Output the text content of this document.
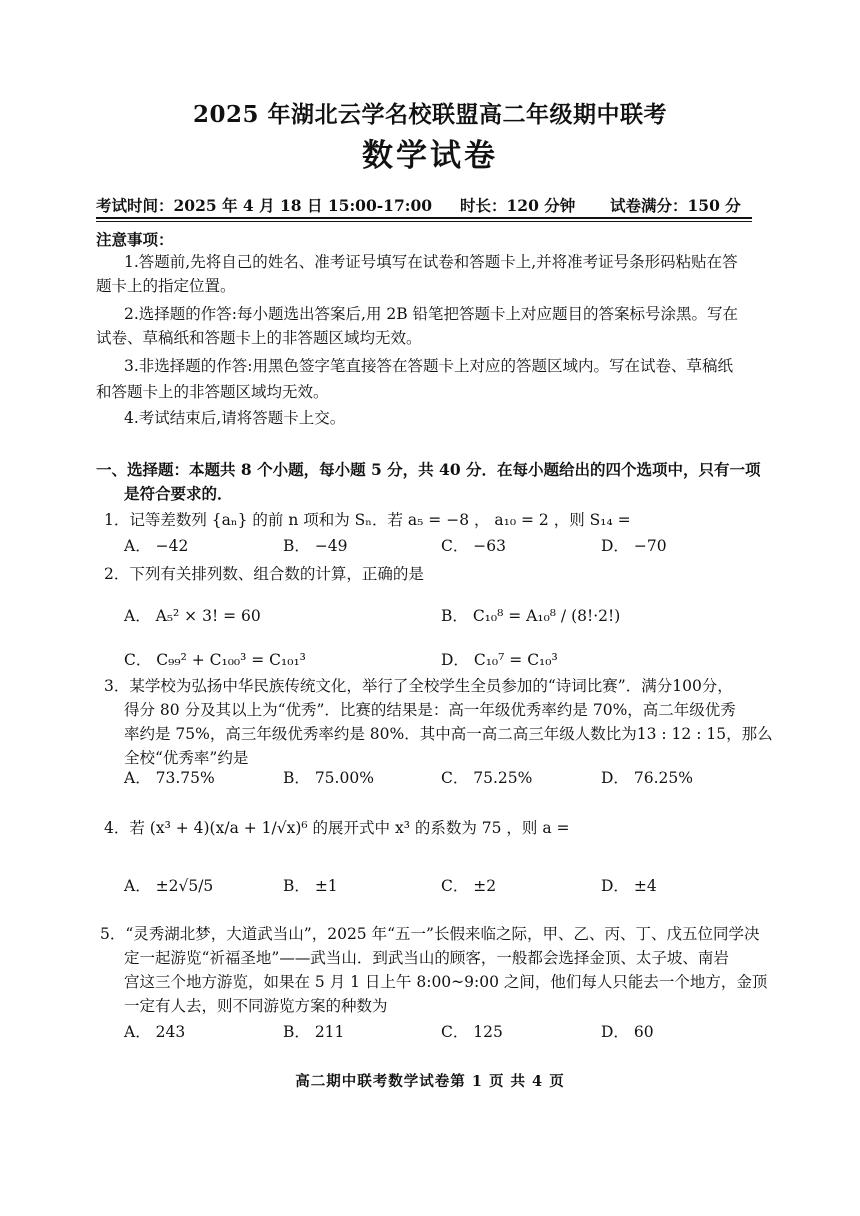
2025 年湖北云学名校联盟高二年级期中联考
数学试卷
考试时间：2025 年 4 月 18 日 15:00-17:00 时长：120 分钟 试卷满分：150 分
注意事项：
1.答题前,先将自己的姓名、准考证号填写在试卷和答题卡上,并将准考证号条形码粘贴在答
题卡上的指定位置。
2.选择题的作答:每小题选出答案后,用 2B 铅笔把答题卡上对应题目的答案标号涂黑。写在
试卷、草稿纸和答题卡上的非答题区域均无效。
3.非选择题的作答:用黑色签字笔直接答在答题卡上对应的答题区域内。写在试卷、草稿纸
和答题卡上的非答题区域均无效。
4.考试结束后,请将答题卡上交。
一、选择题：本题共 8 个小题，每小题 5 分，共 40 分．在每小题给出的四个选项中，只有一项
是符合要求的．
1．记等差数列 {aₙ} 的前 n 项和为 Sₙ．若 a₅ = −8 ， a₁₀ = 2 ，则 S₁₄ =
A． −42	B． −49	C． −63	D． −70
2．下列有关排列数、组合数的计算，正确的是
A． A₅² × 3! = 60	B． C₁₀⁸ = A₁₀⁸ / (8!·2!)
C． C₉₉² + C₁₀₀³ = C₁₀₁³	D． C₁₀⁷ = C₁₀³
3．某学校为弘扬中华民族传统文化，举行了全校学生全员参加的“诗词比赛”．满分100分，
得分 80 分及其以上为“优秀”．比赛的结果是：高一年级优秀率约是 70%，高二年级优秀
率约是 75%，高三年级优秀率约是 80%．其中高一高二高三年级人数比为13 : 12 : 15，那么
全校“优秀率”约是
A． 73.75%	B． 75.00%	C． 75.25%	D． 76.25%
4．若 (x³ + 4)(x/a + 1/√x)⁶ 的展开式中 x³ 的系数为 75 ，则 a =
A． ±2√5/5	B． ±1	C． ±2	D． ±4
5．“灵秀湖北梦，大道武当山”，2025 年“五一”长假来临之际，甲、乙、丙、丁、戊五位同学决
定一起游览“祈福圣地”——武当山．到武当山的顾客，一般都会选择金顶、太子坡、南岩
宫这三个地方游览，如果在 5 月 1 日上午 8:00~9:00 之间，他们每人只能去一个地方，金顶
一定有人去，则不同游览方案的种数为
A． 243	B． 211	C． 125	D． 60
高二期中联考数学试卷第 1 页 共 4 页
